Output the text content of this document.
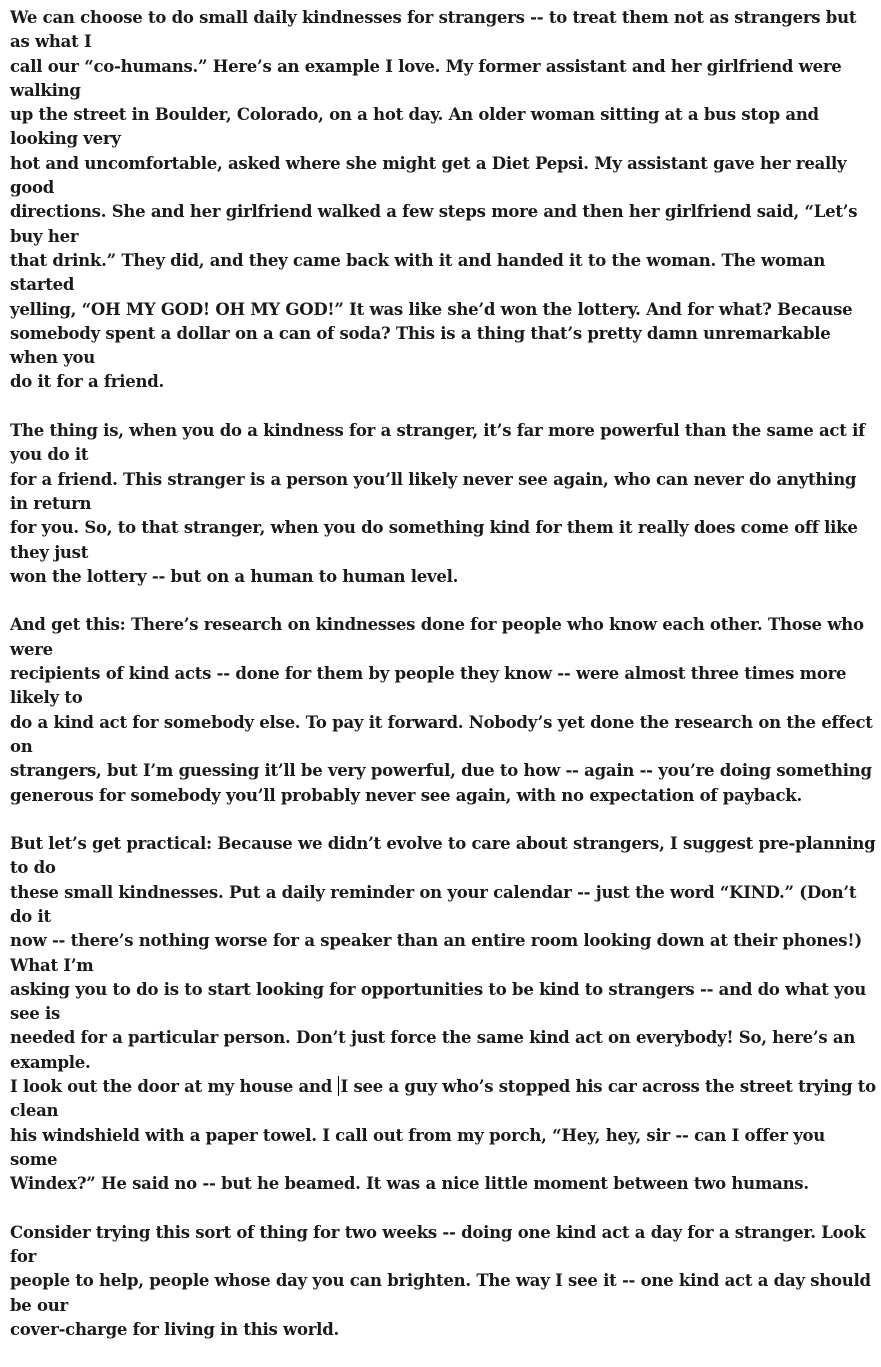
We can choose to do small daily kindnesses for strangers -- to treat them not as strangers but as what I
call our “co-humans.” Here’s an example I love. My former assistant and her girlfriend were walking
up the street in Boulder, Colorado, on a hot day. An older woman sitting at a bus stop and looking very
hot and uncomfortable, asked where she might get a Diet Pepsi. My assistant gave her really good
directions. She and her girlfriend walked a few steps more and then her girlfriend said, “Let’s buy her
that drink.” They did, and they came back with it and handed it to the woman. The woman started
yelling, “OH MY GOD! OH MY GOD!” It was like she’d won the lottery. And for what? Because
somebody spent a dollar on a can of soda? This is a thing that’s pretty damn unremarkable when you
do it for a friend.

The thing is, when you do a kindness for a stranger, it’s far more powerful than the same act if you do it
for a friend. This stranger is a person you’ll likely never see again, who can never do anything in return
for you. So, to that stranger, when you do something kind for them it really does come off like they just
won the lottery -- but on a human to human level.

And get this: There’s research on kindnesses done for people who know each other. Those who were
recipients of kind acts -- done for them by people they know -- were almost three times more likely to
do a kind act for somebody else. To pay it forward. Nobody’s yet done the research on the effect on
strangers, but I’m guessing it’ll be very powerful, due to how -- again -- you’re doing something
generous for somebody you’ll probably never see again, with no expectation of payback.

But let’s get practical: Because we didn’t evolve to care about strangers, I suggest pre-planning to do
these small kindnesses. Put a daily reminder on your calendar -- just the word “KIND.” (Don’t do it
now -- there’s nothing worse for a speaker than an entire room looking down at their phones!) What I’m
asking you to do is to start looking for opportunities to be kind to strangers -- and do what you see is
needed for a particular person. Don’t just force the same kind act on everybody! So, here’s an example.
I look out the door at my house and I see a guy who’s stopped his car across the street trying to clean
his windshield with a paper towel. I call out from my porch, “Hey, hey, sir -- can I offer you some
Windex?” He said no -- but he beamed. It was a nice little moment between two humans.

Consider trying this sort of thing for two weeks -- doing one kind act a day for a stranger. Look for
people to help, people whose day you can brighten. The way I see it -- one kind act a day should be our
cover-charge for living in this world.
